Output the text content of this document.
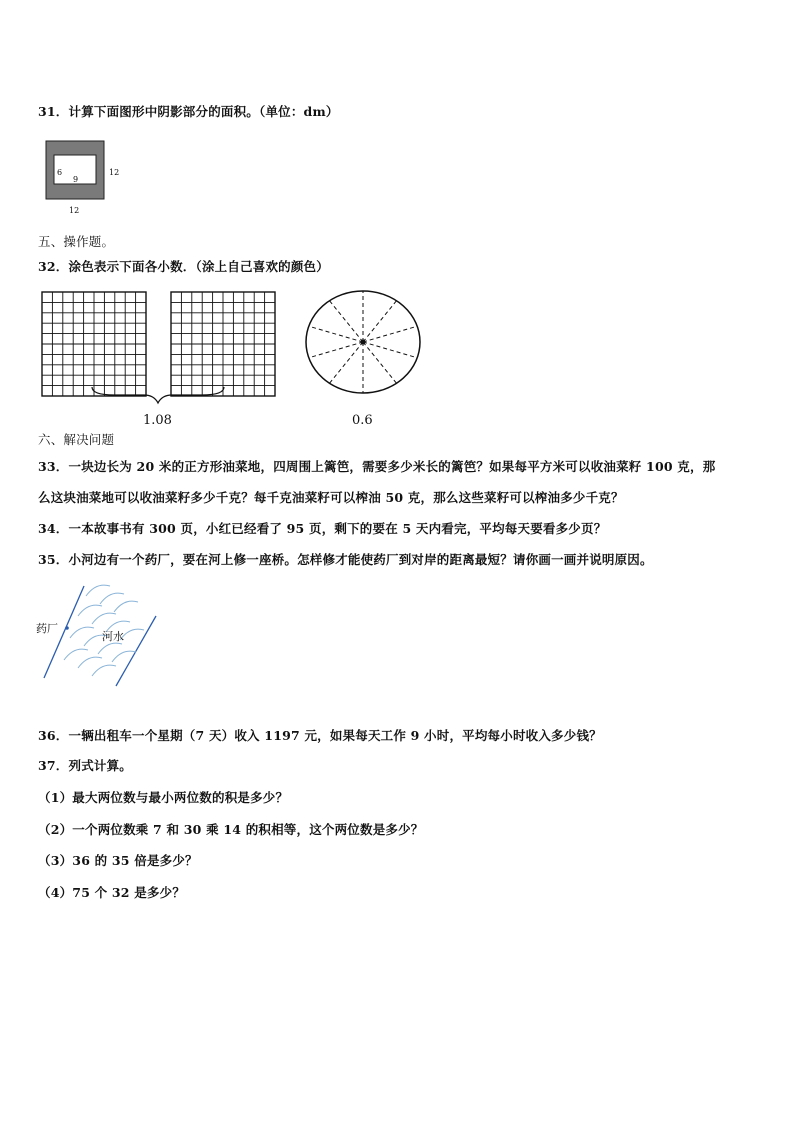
31．计算下面图形中阴影部分的面积。（单位：dm）
6
9
12
12
五、操作题。
32．涂色表示下面各小数．（涂上自己喜欢的颜色）
1.08	0.6
六、解决问题
33．一块边长为 20 米的正方形油菜地，四周围上篱笆，需要多少米长的篱笆？如果每平方米可以收油菜籽 100 克，那
么这块油菜地可以收油菜籽多少千克？每千克油菜籽可以榨油 50 克，那么这些菜籽可以榨油多少千克？
34．一本故事书有 300 页，小红已经看了 95 页，剩下的要在 5 天内看完，平均每天要看多少页？
35．小河边有一个药厂，要在河上修一座桥。怎样修才能使药厂到对岸的距离最短？请你画一画并说明原因。
药厂
河水
36．一辆出租车一个星期（7 天）收入 1197 元，如果每天工作 9 小时，平均每小时收入多少钱？
37．列式计算。
（1）最大两位数与最小两位数的积是多少？
（2）一个两位数乘 7 和 30 乘 14 的积相等，这个两位数是多少？
（3）36 的 35 倍是多少？
（4）75 个 32 是多少？
